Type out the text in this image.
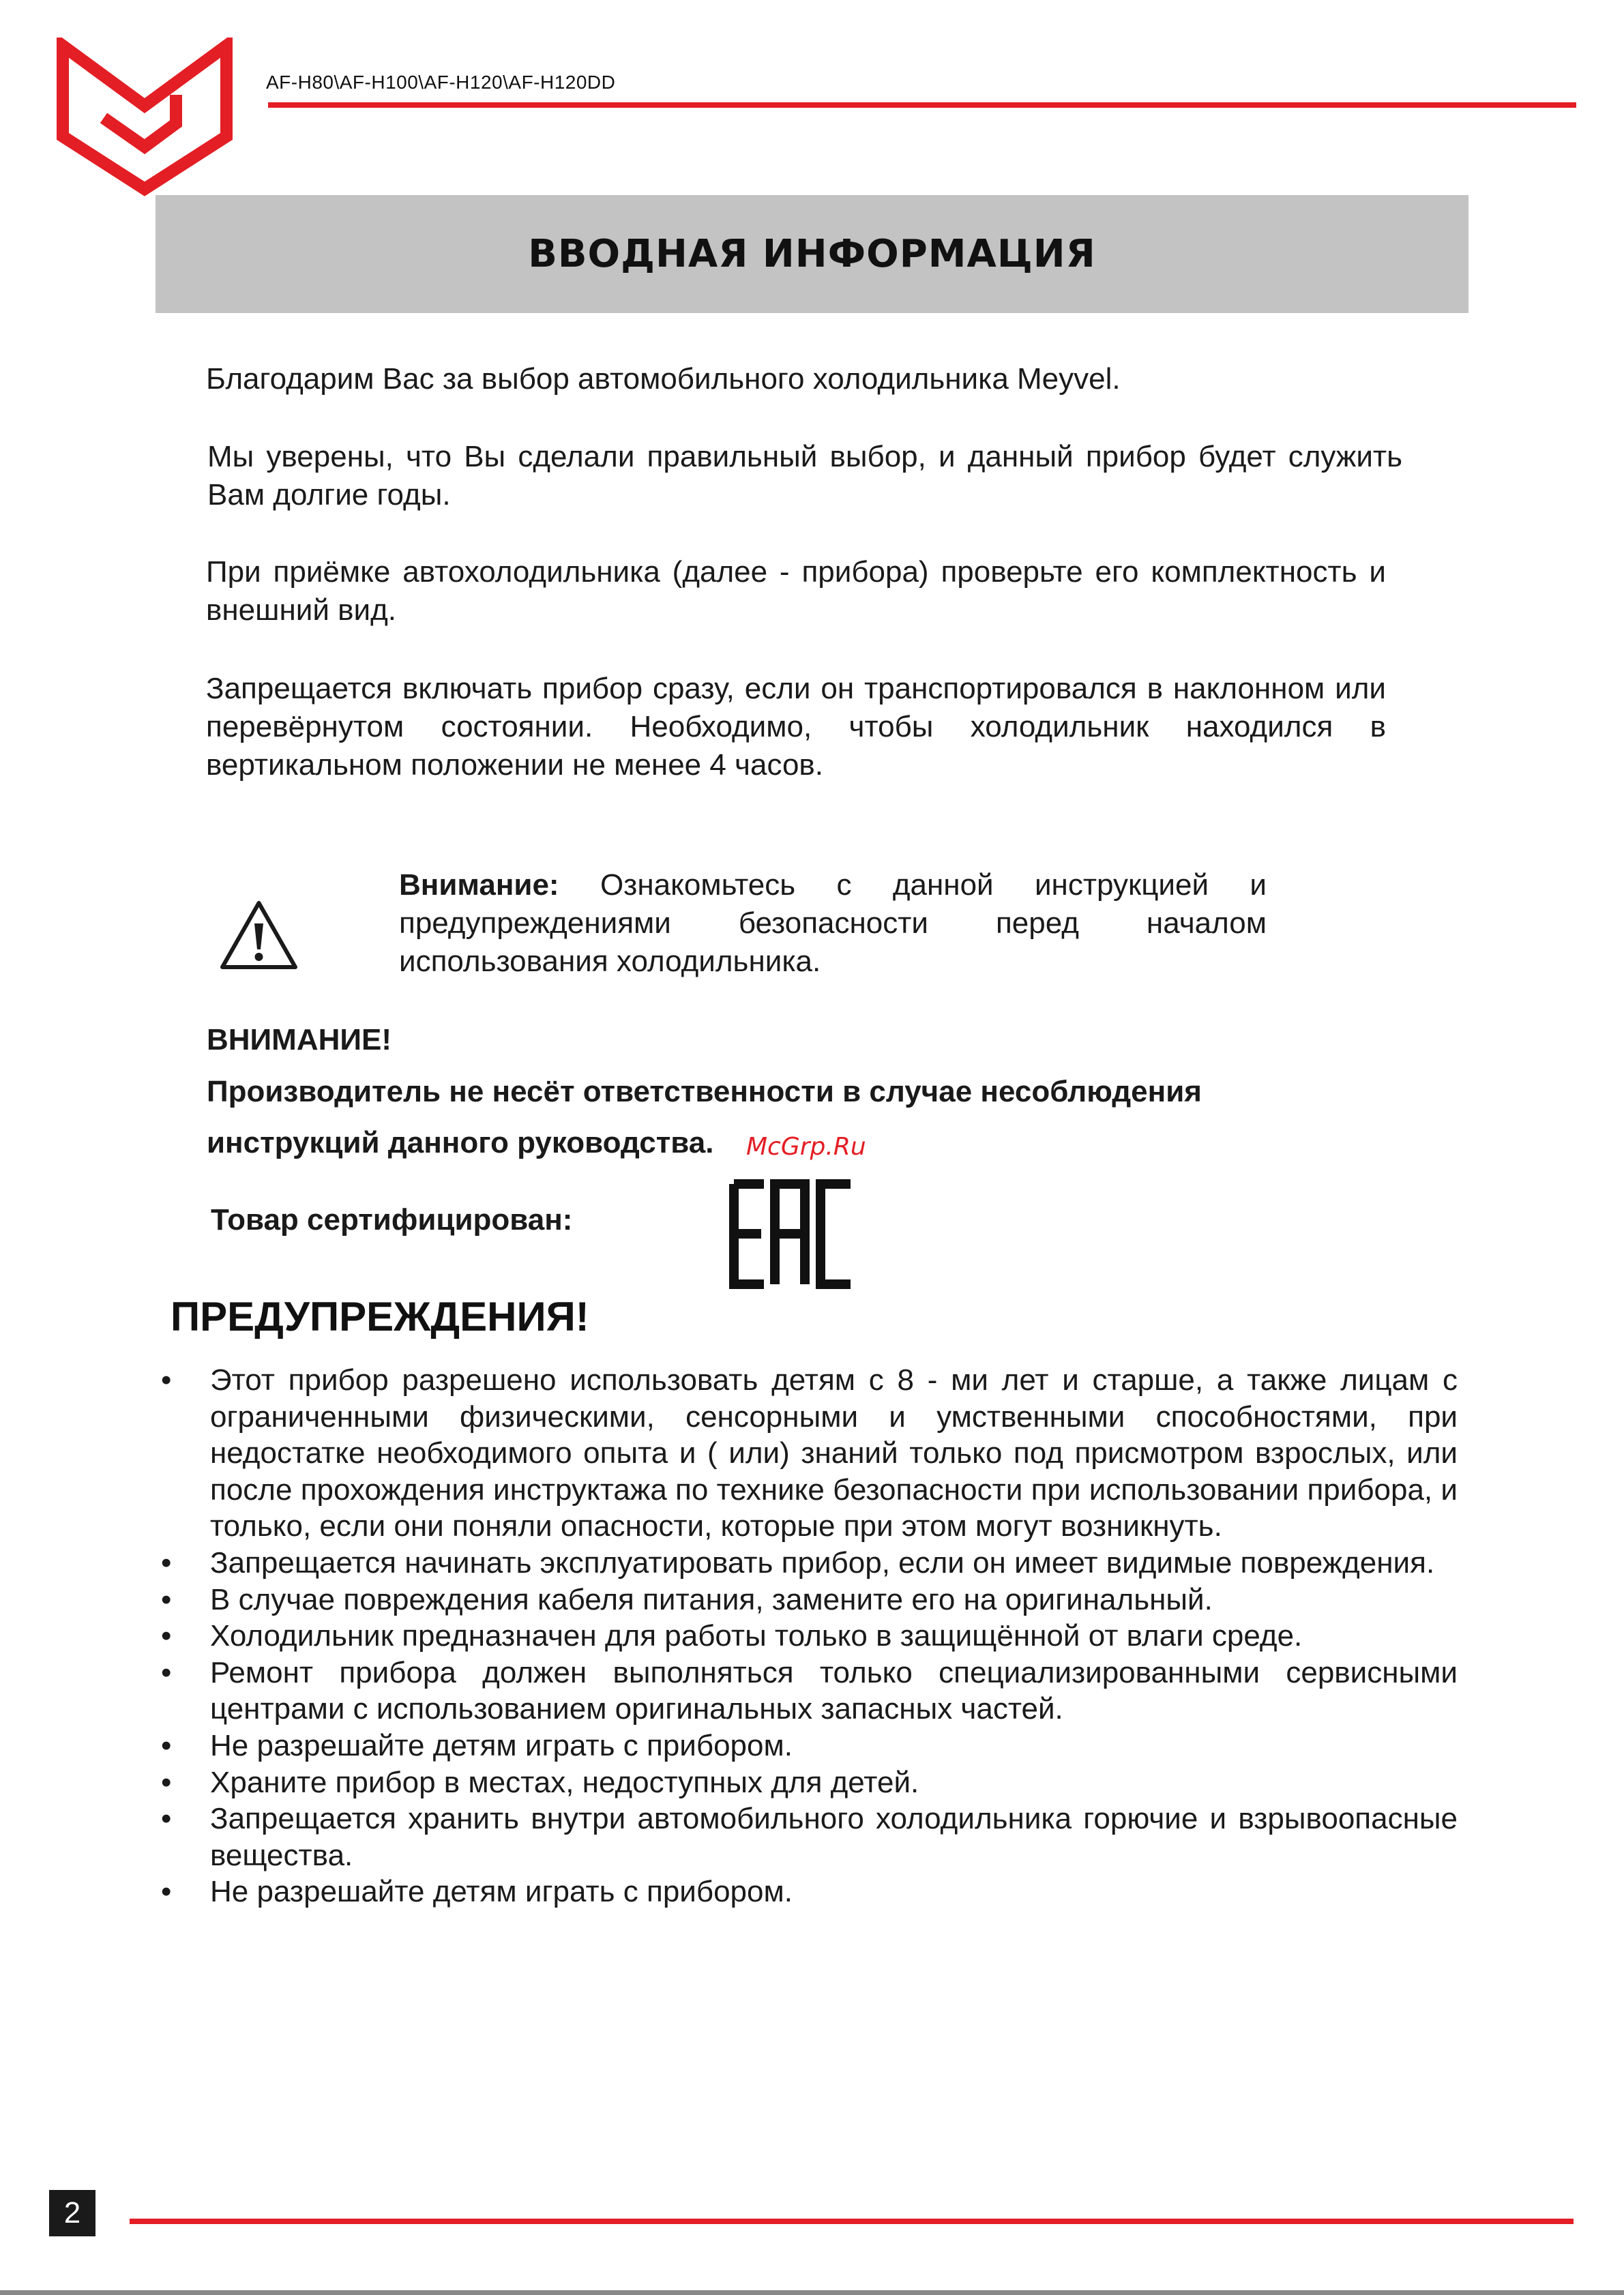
AF-H80\AF-H100\AF-H120\AF-H120DD
ВВОДНАЯ ИНФОРМАЦИЯ
Благодарим Вас за выбор автомобильного холодильника Meyvel.
Мы уверены, что Вы сделали правильный выбор, и данный прибор будет служить Вам долгие годы.
При приёмке автохолодильника (далее - прибора) проверьте его комплектность и внешний вид.
Запрещается включать прибор сразу, если он транспортировался в наклонном или перевёрнутом состоянии. Необходимо, чтобы холодильник находился в вертикальном положении не менее 4 часов.
Внимание: Ознакомьтесь с данной инструкцией и предупреждениями безопасности перед началом использования холодильника.
ВНИМАНИЕ!
Производитель не несёт ответственности в случае несоблюдения
инструкций данного руководства. McGrp.Ru
Товар сертифицирован:
ПРЕДУПРЕЖДЕНИЯ!
• Этот прибор разрешено использовать детям с 8 - ми лет и старше, а также лицам с ограниченными физическими, сенсорными и умственными способностями, при недостатке необходимого опыта и ( или) знаний только под присмотром взрослых, или после прохождения инструктажа по технике безопасности при использовании прибора, и только, если они поняли опасности, которые при этом могут возникнуть.
• Запрещается начинать эксплуатировать прибор, если он имеет видимые повреждения.
• В случае повреждения кабеля питания, замените его на оригинальный.
• Холодильник предназначен для работы только в защищённой от влаги среде.
• Ремонт прибора должен выполняться только специализированными сервисными центрами с использованием оригинальных запасных частей.
• Не разрешайте детям играть с прибором.
• Храните прибор в местах, недоступных для детей.
• Запрещается хранить внутри автомобильного холодильника горючие и взрывоопасные вещества.
• Не разрешайте детям играть с прибором.
2
